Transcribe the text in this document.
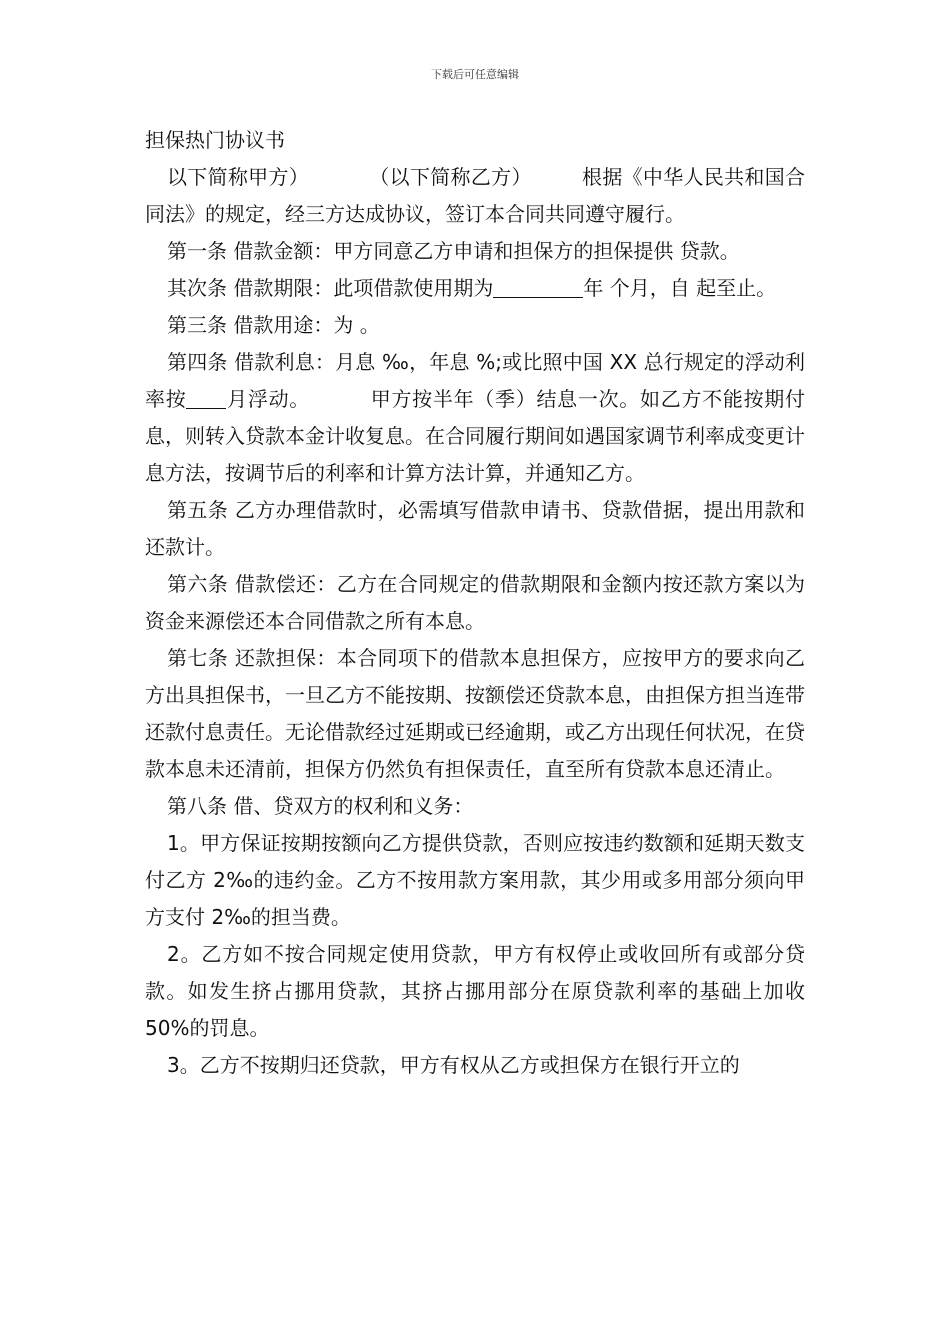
下载后可任意编辑

担保热门协议书

以下简称甲方）	（以下简称乙方）	根据《中华人民共和国合同法》的规定，经三方达成协议，签订本合同共同遵守履行。

第一条 借款金额：甲方同意乙方申请和担保方的担保提供 贷款。

其次条 借款期限：此项借款使用期为	年 个月，自 起至止。

第三条 借款用途：为 。

第四条 借款利息：月息 ‰，年息 %;或比照中国 XX 总行规定的浮动利率按 月浮动。	甲方按半年（季）结息一次。如乙方不能按期付息，则转入贷款本金计收复息。在合同履行期间如遇国家调节利率成变更计息方法，按调节后的利率和计算方法计算，并通知乙方。

第五条 乙方办理借款时，必需填写借款申请书、贷款借据，提出用款和还款计。

第六条 借款偿还：乙方在合同规定的借款期限和金额内按还款方案以为资金来源偿还本合同借款之所有本息。

第七条 还款担保：本合同项下的借款本息担保方，应按甲方的要求向乙方出具担保书，一旦乙方不能按期、按额偿还贷款本息，由担保方担当连带还款付息责任。无论借款经过延期或已经逾期，或乙方出现任何状况，在贷款本息未还清前，担保方仍然负有担保责任，直至所有贷款本息还清止。

第八条 借、贷双方的权利和义务：

1。甲方保证按期按额向乙方提供贷款，否则应按违约数额和延期天数支付乙方 2‰的违约金。乙方不按用款方案用款，其少用或多用部分须向甲方支付 2‰的担当费。

2。乙方如不按合同规定使用贷款，甲方有权停止或收回所有或部分贷款。如发生挤占挪用贷款，其挤占挪用部分在原贷款利率的基础上加收 50%的罚息。

3。乙方不按期归还贷款，甲方有权从乙方或担保方在银行开立的
